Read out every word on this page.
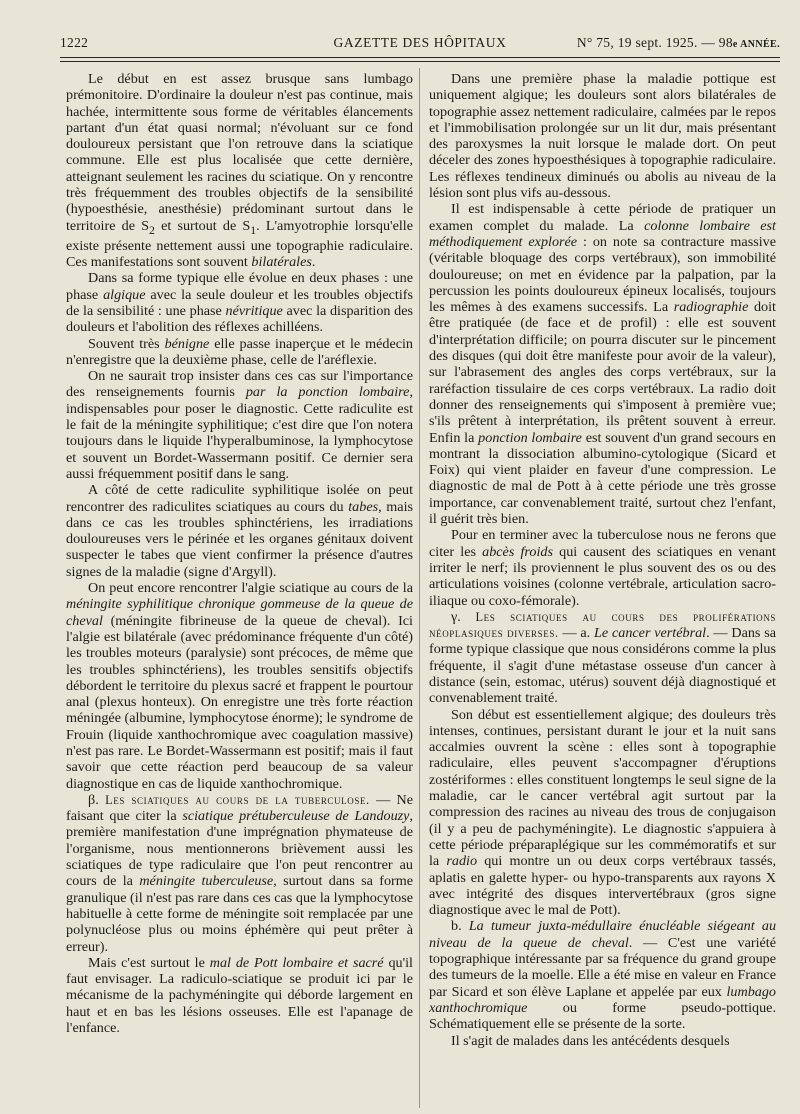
1222	GAZETTE DES HÔPITAUX	N° 75, 19 sept. 1925. — 98e ANNÉE.

Le début en est assez brusque sans lumbago prémonitoire. D'ordinaire la douleur n'est pas continue, mais hachée, intermittente sous forme de véritables élancements partant d'un état quasi normal; n'évoluant sur ce fond douloureux persistant que l'on retrouve dans la sciatique commune. Elle est plus localisée que cette dernière, atteignant seulement les racines du sciatique. On y rencontre très fréquemment des troubles objectifs de la sensibilité (hypoesthésie, anesthésie) prédominant surtout dans le territoire de $S_2$ et surtout de $S_1$. L'amyotrophie lorsqu'elle existe présente nettement aussi une topographie radiculaire. Ces manifestations sont souvent bilatérales.

Dans sa forme typique elle évolue en deux phases : une phase algique avec la seule douleur et les troubles objectifs de la sensibilité : une phase névritique avec la disparition des douleurs et l'abolition des réflexes achilléens.

Souvent très bénigne elle passe inaperçue et le médecin n'enregistre que la deuxième phase, celle de l'aréflexie.

On ne saurait trop insister dans ces cas sur l'importance des renseignements fournis par la ponction lombaire, indispensables pour poser le diagnostic. Cette radiculite est le fait de la méningite syphilitique; c'est dire que l'on notera toujours dans le liquide l'hyperalbuminose, la lymphocytose et souvent un Bordet-Wassermann positif. Ce dernier sera aussi fréquemment positif dans le sang.

A côté de cette radiculite syphilitique isolée on peut rencontrer des radiculites sciatiques au cours du tabes, mais dans ce cas les troubles sphinctériens, les irradiations douloureuses vers le périnée et les organes génitaux doivent suspecter le tabes que vient confirmer la présence d'autres signes de la maladie (signe d'Argyll).

On peut encore rencontrer l'algie sciatique au cours de la méningite syphilitique chronique gommeuse de la queue de cheval (méningite fibrineuse de la queue de cheval). Ici l'algie est bilatérale (avec prédominance fréquente d'un côté) les troubles moteurs (paralysie) sont précoces, de même que les troubles sphinctériens), les troubles sensitifs objectifs débordent le territoire du plexus sacré et frappent le pourtour anal (plexus honteux). On enregistre une très forte réaction méningée (albumine, lymphocytose énorme); le syndrome de Frouin (liquide xanthochromique avec coagulation massive) n'est pas rare. Le Bordet-Wassermann est positif; mais il faut savoir que cette réaction perd beaucoup de sa valeur diagnostique en cas de liquide xanthochromique.

β. Les sciatiques au cours de la tuberculose. — Ne faisant que citer la sciatique prétuberculeuse de Landouzy, première manifestation d'une imprégnation phymateuse de l'organisme, nous mentionnerons brièvement aussi les sciatiques de type radiculaire que l'on peut rencontrer au cours de la méningite tuberculeuse, surtout dans sa forme granulique (il n'est pas rare dans ces cas que la lymphocytose habituelle à cette forme de méningite soit remplacée par une polynucléose plus ou moins éphémère qui peut prêter à erreur).

Mais c'est surtout le mal de Pott lombaire et sacré qu'il faut envisager. La radiculo-sciatique se produit ici par le mécanisme de la pachyméningite qui déborde largement en haut et en bas les lésions osseuses. Elle est l'apanage de l'enfance.

Dans une première phase la maladie pottique est uniquement algique; les douleurs sont alors bilatérales de topographie assez nettement radiculaire, calmées par le repos et l'immobilisation prolongée sur un lit dur, mais présentant des paroxysmes la nuit lorsque le malade dort. On peut déceler des zones hypoesthésiques à topographie radiculaire. Les réflexes tendineux diminués ou abolis au niveau de la lésion sont plus vifs au-dessous.

Il est indispensable à cette période de pratiquer un examen complet du malade. La colonne lombaire est méthodiquement explorée : on note sa contracture massive (véritable bloquage des corps vertébraux), son immobilité douloureuse; on met en évidence par la palpation, par la percussion les points douloureux épineux localisés, toujours les mêmes à des examens successifs. La radiographie doit être pratiquée (de face et de profil) : elle est souvent d'interprétation difficile; on pourra discuter sur le pincement des disques (qui doit être manifeste pour avoir de la valeur), sur l'abrasement des angles des corps vertébraux, sur la raréfaction tissulaire de ces corps vertébraux. La radio doit donner des renseignements qui s'imposent à première vue; s'ils prêtent à interprétation, ils prêtent souvent à erreur. Enfin la ponction lombaire est souvent d'un grand secours en montrant la dissociation albumino-cytologique (Sicard et Foix) qui vient plaider en faveur d'une compression. Le diagnostic de mal de Pott à à cette période une très grosse importance, car convenablement traité, surtout chez l'enfant, il guérit très bien.

Pour en terminer avec la tuberculose nous ne ferons que citer les abcès froids qui causent des sciatiques en venant irriter le nerf; ils proviennent le plus souvent des os ou des articulations voisines (colonne vertébrale, articulation sacro-iliaque ou coxo-fémorale).

γ. Les sciatiques au cours des proliférations néoplasiques diverses. — a. Le cancer vertébral. — Dans sa forme typique classique que nous considérons comme la plus fréquente, il s'agit d'une métastase osseuse d'un cancer à distance (sein, estomac, utérus) souvent déjà diagnostiqué et convenablement traité.

Son début est essentiellement algique; des douleurs très intenses, continues, persistant durant le jour et la nuit sans accalmies ouvrent la scène : elles sont à topographie radiculaire, elles peuvent s'accompagner d'éruptions zostériformes : elles constituent longtemps le seul signe de la maladie, car le cancer vertébral agit surtout par la compression des racines au niveau des trous de conjugaison (il y a peu de pachyméningite). Le diagnostic s'appuiera à cette période préparaplégique sur les commémoratifs et sur la radio qui montre un ou deux corps vertébraux tassés, aplatis en galette hyper- ou hypo-transparents aux rayons X avec intégrité des disques intervertébraux (gros signe diagnostique avec le mal de Pott).

b. La tumeur juxta-médullaire énucléable siégeant au niveau de la queue de cheval. — C'est une variété topographique intéressante par sa fréquence du grand groupe des tumeurs de la moelle. Elle a été mise en valeur en France par Sicard et son élève Laplane et appelée par eux lumbago xanthochromique ou forme pseudo-pottique. Schématiquement elle se présente de la sorte.

Il s'agit de malades dans les antécédents desquels
